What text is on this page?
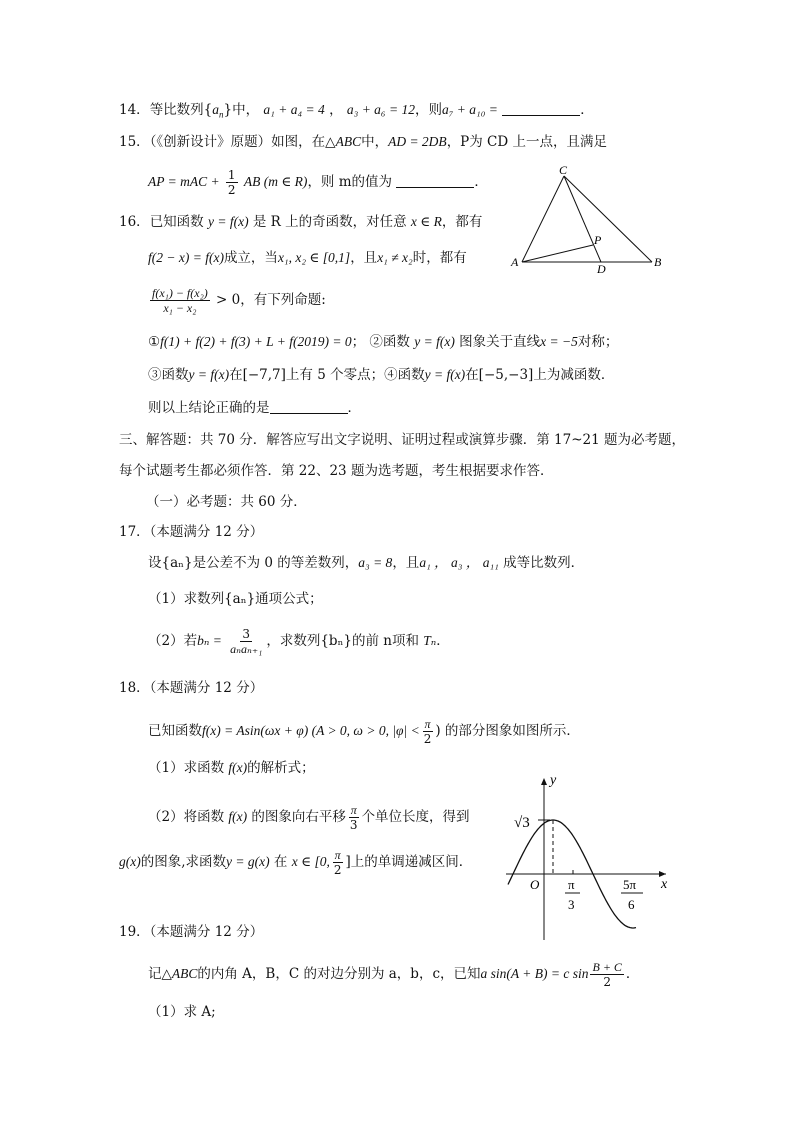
14．等比数列$\{a_n\}$中， a₁ + a₄ = 4 ， a₃ + a₆ = 12，则a₇ + a₁₀ =	．
15．（《创新设计》原题）如图，在△ABC中，AD = 2DB，P为 CD 上一点，且满足
AP = mAC + $\frac{1}{2}$ AB (m ∈ R)，则 m的值为	．
C
A	B
D
P
16．已知函数 y = f(x) 是 R 上的奇函数，对任意 x ∈ R，都有
f(2 − x) = f(x)成立，当x₁, x₂ ∈ [0,1]，且x₁ ≠ x₂时，都有
$\frac{\text{f(x₁) − f(x₂)}}{\text{x₁ − x₂}} > 0$，有下列命题:
①f(1) + f(2) + f(3) + L + f(2019) = 0； ②函数 y = f(x) 图象关于直线x = −5对称；
③函数y = f(x)在[−7,7]上有 5 个零点；④函数y = f(x)在[−5,−3]上为减函数．
则以上结论正确的是	．
三、解答题：共 70 分．解答应写出文字说明、证明过程或演算步骤．第 17~21 题为必考题，
每个试题考生都必须作答．第 22、23 题为选考题，考生根据要求作答．
（一）必考题：共 60 分．
17．（本题满分 12 分）
设{aₙ}是公差不为 0 的等差数列，a₃ = 8，且a₁ ， a₃ ， a₁₁ 成等比数列．
（1）求数列{aₙ}通项公式；
（2）若$b_n = \frac{3}{\text{aₙaₙ₊₁}}$ ，求数列{bₙ}的前 n项和 Tₙ．
18．（本题满分 12 分）
已知函数f(x) = Asin(ωx + φ) (A > 0, ω > 0, $|\varphi| < \frac{\pi}{2}$ ) 的部分图象如图所示．
（1）求函数 f(x)的解析式；
（2）将函数 f(x) 的图象向右平移 $\frac{\pi}{3}$ 个单位长度，得到
g(x)的图象,求函数y = g(x) 在 x ∈ [0, $\frac{\pi}{2}$ ]上的单调递减区间．
y
x
O
√3
π
3
5π
6
19．（本题满分 12 分）
记△ABC的内角 A，B，C 的对边分别为 a，b，c，已知a sin(A + B) = c $\sin \frac{B + C}{2}$ ．
（1）求 A;
